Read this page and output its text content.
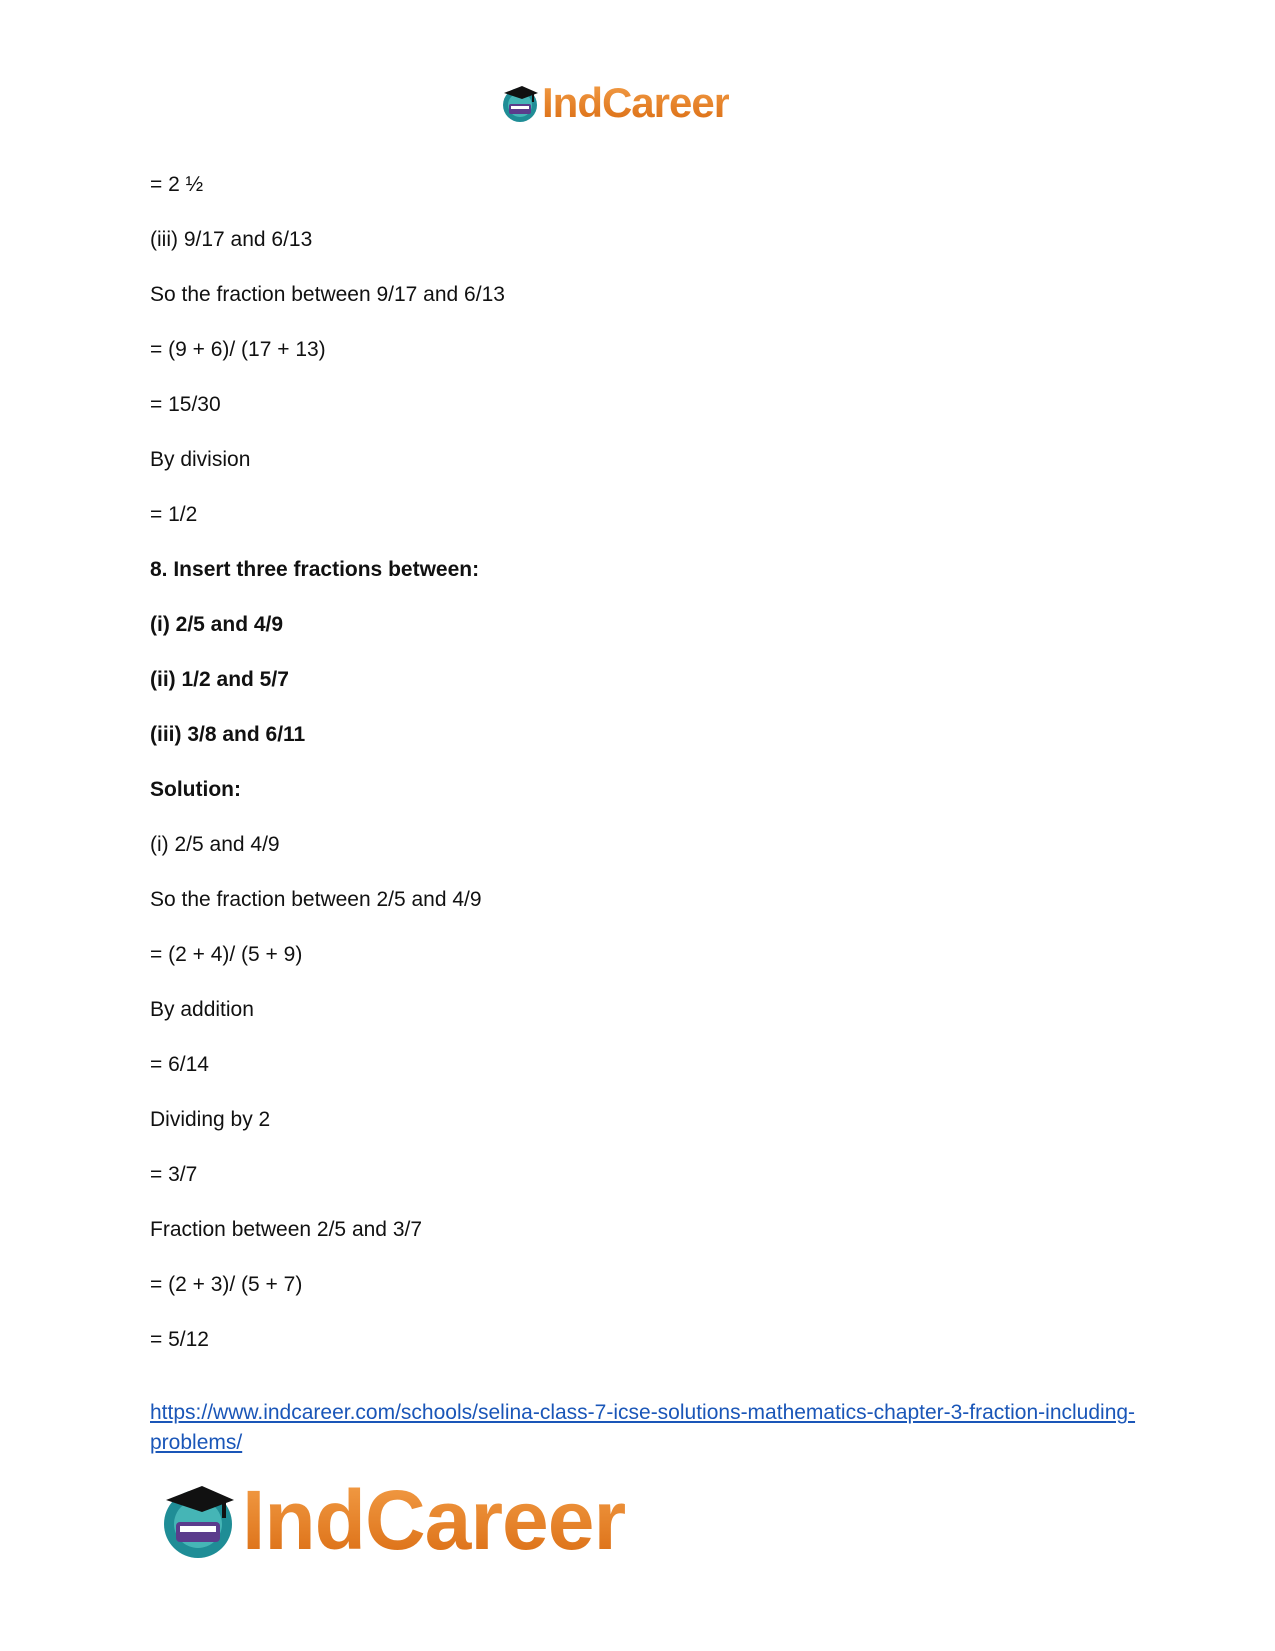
IndCareer
= 2 ½
(iii) 9/17 and 6/13
So the fraction between 9/17 and 6/13
= (9 + 6)/ (17 + 13)
= 15/30
By division
= 1/2
8. Insert three fractions between:
(i) 2/5 and 4/9
(ii) 1/2 and 5/7
(iii) 3/8 and 6/11
Solution:
(i) 2/5 and 4/9
So the fraction between 2/5 and 4/9
= (2 + 4)/ (5 + 9)
By addition
= 6/14
Dividing by 2
= 3/7
Fraction between 2/5 and 3/7
= (2 + 3)/ (5 + 7)
= 5/12
https://www.indcareer.com/schools/selina-class-7-icse-solutions-mathematics-chapter-3-fraction-including-problems/
IndCareer
